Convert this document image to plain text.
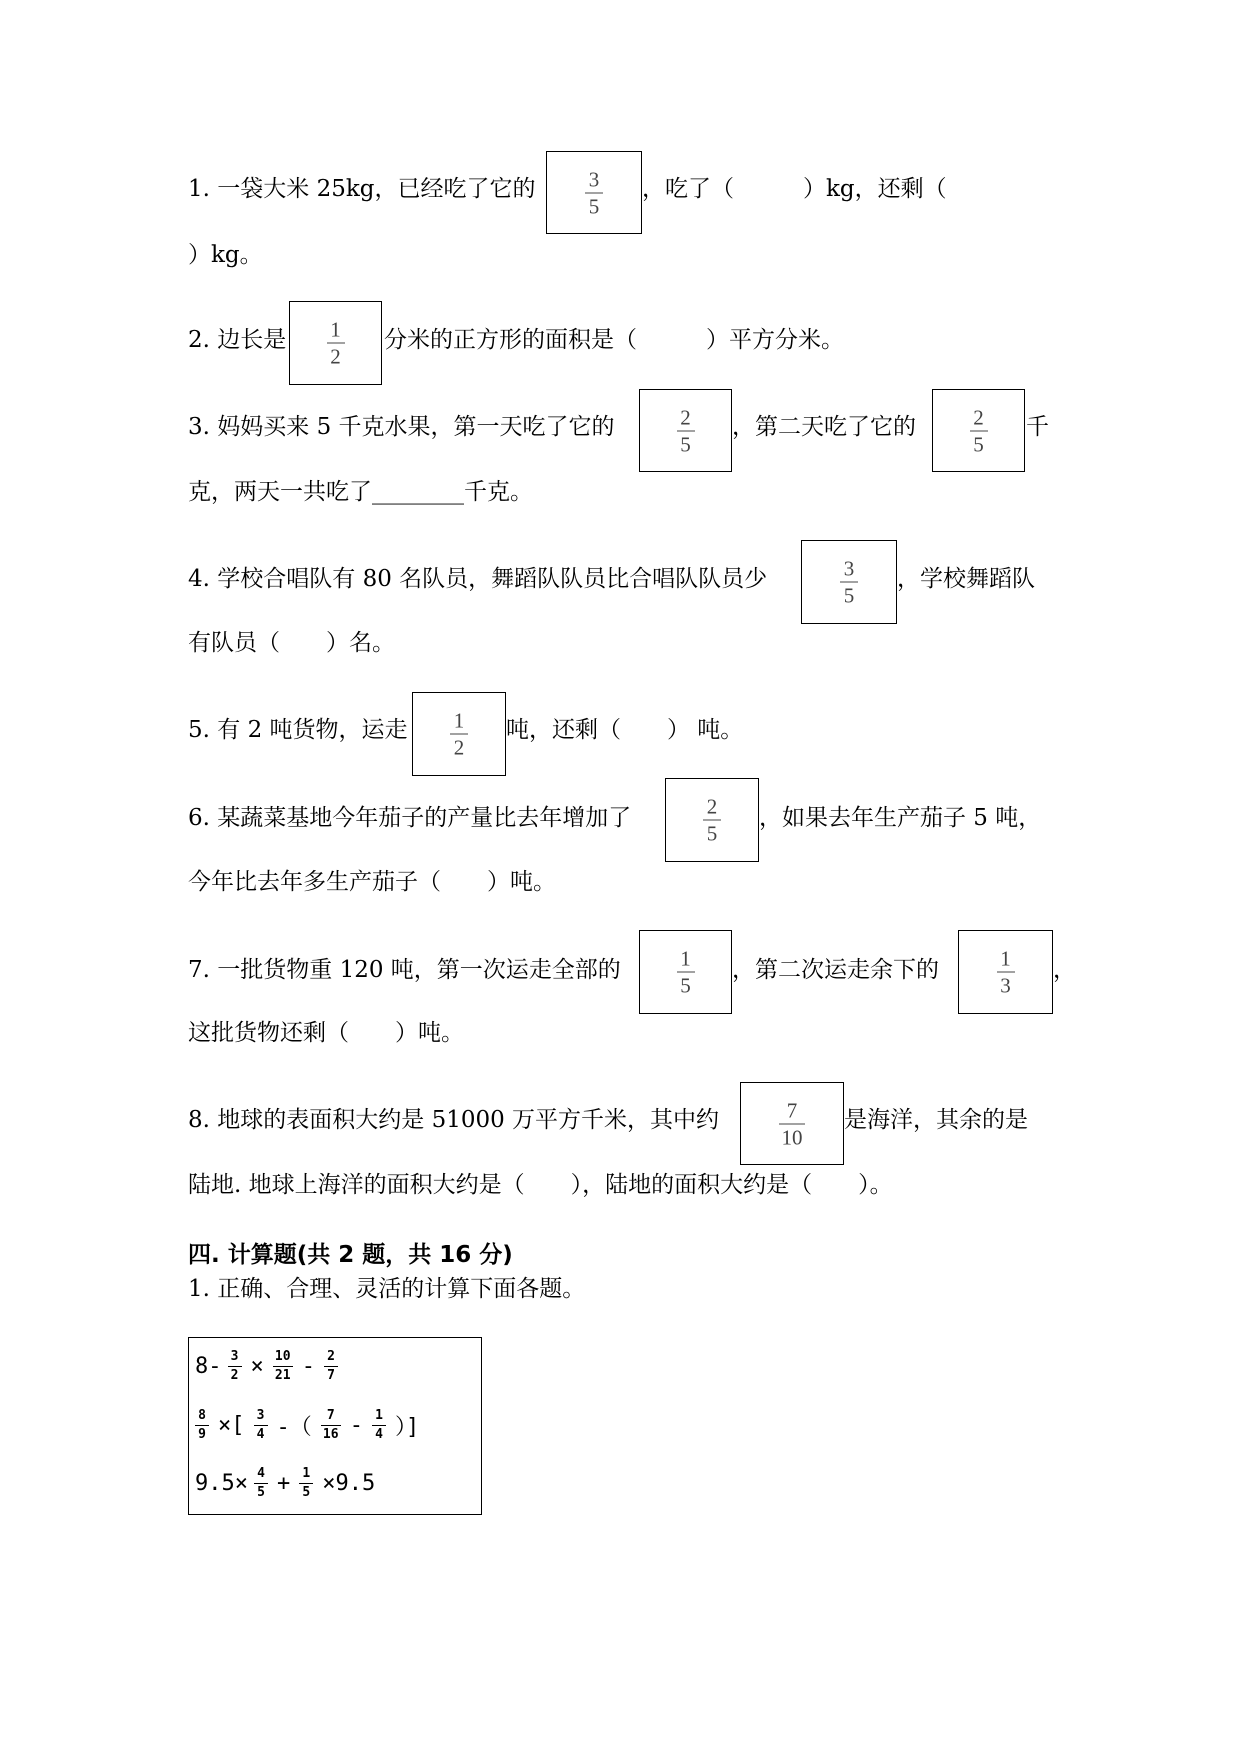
1. 一袋大米 25kg，已经吃了它的	3
5
，吃了（　　　）kg，还剩（
）kg。
2. 边长是 1
2
分米的正方形的面积是（　　　）平方分米。
3. 妈妈买来 5 千克水果，第一天吃了它的	2
5
，第二天吃了它的	2
5
千
克，两天一共吃了________千克。
4. 学校合唱队有 80 名队员，舞蹈队队员比合唱队队员少	3
5
，学校舞蹈队
有队员（　　）名。
5. 有 2 吨货物，运走 1
2
吨，还剩（　　） 吨。
6. 某蔬菜基地今年茄子的产量比去年增加了	2
5
，如果去年生产茄子 5 吨，
今年比去年多生产茄子（　　）吨。
7. 一批货物重 120 吨，第一次运走全部的	1
5
，第二次运走余下的	1
3
，
这批货物还剩（　　）吨。
8. 地球的表面积大约是 51000 万平方千米，其中约	7
10
是海洋，其余的是
陆地. 地球上海洋的面积大约是（　　），陆地的面积大约是（　　）。
四. 计算题(共 2 题，共 16 分)
1. 正确、合理、灵活的计算下面各题。
8- 3
2 × 10
21 - 2
7
8
9 ×[ 3
4 -（ 7
16 - 1
4 ）]
9.5× 4
5 + 1
5 ×9.5
